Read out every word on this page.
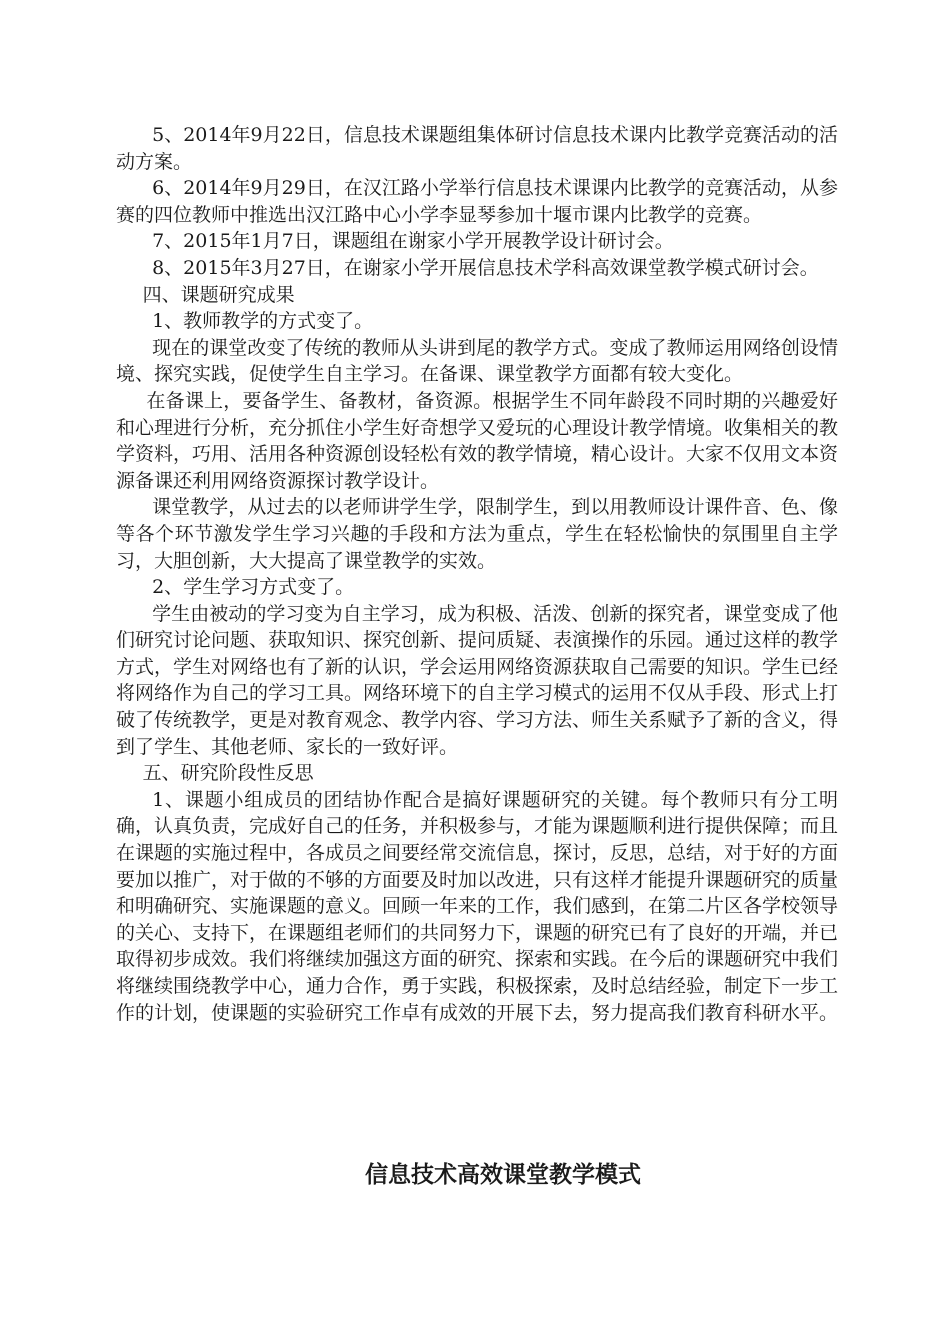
5、2014年9月22日，信息技术课题组集体研讨信息技术课内比教学竞赛活动的活动方案。

6、2014年9月29日，在汉江路小学举行信息技术课课内比教学的竞赛活动，从参赛的四位教师中推选出汉江路中心小学李显琴参加十堰市课内比教学的竞赛。

7、2015年1月7日，课题组在谢家小学开展教学设计研讨会。

8、2015年3月27日，在谢家小学开展信息技术学科高效课堂教学模式研讨会。

四、课题研究成果

1、教师教学的方式变了。

现在的课堂改变了传统的教师从头讲到尾的教学方式。变成了教师运用网络创设情境、探究实践，促使学生自主学习。在备课、课堂教学方面都有较大变化。

在备课上，要备学生、备教材，备资源。根据学生不同年龄段不同时期的兴趣爱好和心理进行分析，充分抓住小学生好奇想学又爱玩的心理设计教学情境。收集相关的教学资料，巧用、活用各种资源创设轻松有效的教学情境，精心设计。大家不仅用文本资源备课还利用网络资源探讨教学设计。

课堂教学，从过去的以老师讲学生学，限制学生，到以用教师设计课件音、色、像等各个环节激发学生学习兴趣的手段和方法为重点，学生在轻松愉快的氛围里自主学习，大胆创新，大大提高了课堂教学的实效。

2、学生学习方式变了。

学生由被动的学习变为自主学习，成为积极、活泼、创新的探究者，课堂变成了他们研究讨论问题、获取知识、探究创新、提问质疑、表演操作的乐园。通过这样的教学方式，学生对网络也有了新的认识，学会运用网络资源获取自己需要的知识。学生已经将网络作为自己的学习工具。网络环境下的自主学习模式的运用不仅从手段、形式上打破了传统教学，更是对教育观念、教学内容、学习方法、师生关系赋予了新的含义，得到了学生、其他老师、家长的一致好评。

五、研究阶段性反思

1、课题小组成员的团结协作配合是搞好课题研究的关键。每个教师只有分工明确，认真负责，完成好自己的任务，并积极参与，才能为课题顺利进行提供保障；而且在课题的实施过程中，各成员之间要经常交流信息，探讨，反思，总结，对于好的方面要加以推广，对于做的不够的方面要及时加以改进，只有这样才能提升课题研究的质量和明确研究、实施课题的意义。回顾一年来的工作，我们感到，在第二片区各学校领导的关心、支持下，在课题组老师们的共同努力下，课题的研究已有了良好的开端，并已取得初步成效。我们将继续加强这方面的研究、探索和实践。在今后的课题研究中我们将继续围绕教学中心，通力合作，勇于实践，积极探索，及时总结经验，制定下一步工作的计划，使课题的实验研究工作卓有成效的开展下去，努力提高我们教育科研水平。

信息技术高效课堂教学模式
